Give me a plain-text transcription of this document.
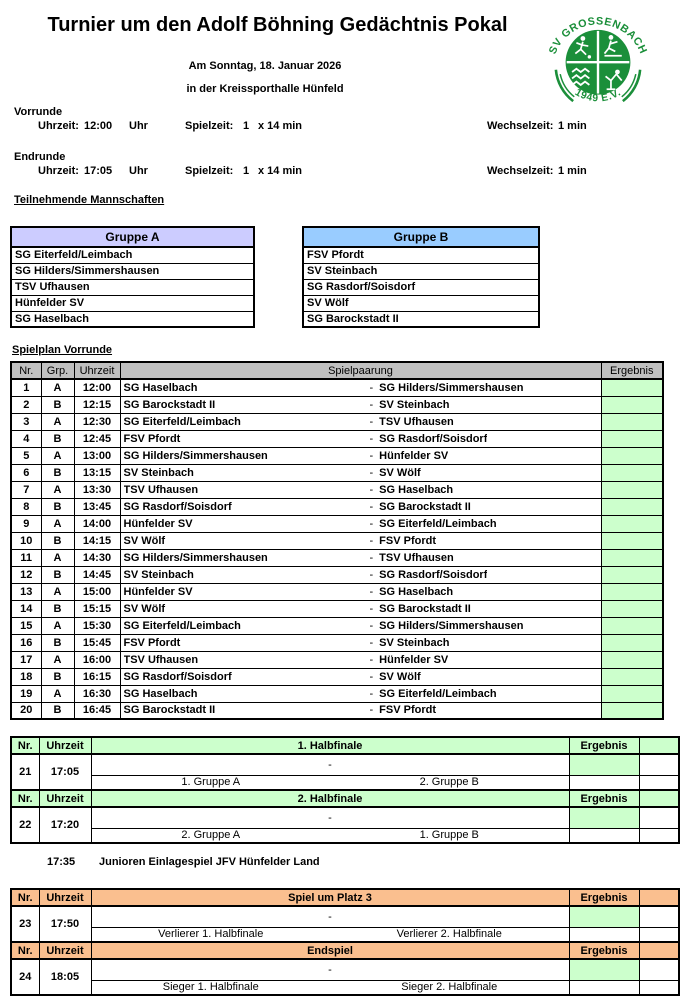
Turnier um den Adolf Böhning Gedächtnis Pokal
SV GROSSENBACH
1949 E.V.
Am Sonntag, 18. Januar 2026
in der Kreissporthalle Hünfeld
Vorrunde
Uhrzeit: 12:00 Uhr	Spielzeit: 1 x 14 min	Wechselzeit: 1 min
Endrunde
Uhrzeit: 17:05 Uhr	Spielzeit: 1 x 14 min	Wechselzeit: 1 min
Teilnehmende Mannschaften
Gruppe A
SG Eiterfeld/Leimbach
SG Hilders/Simmershausen
TSV Ufhausen
Hünfelder SV
SG Haselbach
Gruppe B
FSV Pfordt
SV Steinbach
SG Rasdorf/Soisdorf
SV Wölf
SG Barockstadt II
Spielplan Vorrunde
Nr.	Grp.	Uhrzeit	Spielpaarung	Ergebnis
1	A	12:00	SG Haselbach - SG Hilders/Simmershausen	

2	B	12:15	SG Barockstadt II - SV Steinbach	

3	A	12:30	SG Eiterfeld/Leimbach - TSV Ufhausen	

4	B	12:45	FSV Pfordt - SG Rasdorf/Soisdorf	

5	A	13:00	SG Hilders/Simmershausen - Hünfelder SV	

6	B	13:15	SV Steinbach - SV Wölf	

7	A	13:30	TSV Ufhausen - SG Haselbach	

8	B	13:45	SG Rasdorf/Soisdorf - SG Barockstadt II	

9	A	14:00	Hünfelder SV - SG Eiterfeld/Leimbach	

10	B	14:15	SV Wölf - FSV Pfordt	

11	A	14:30	SG Hilders/Simmershausen - TSV Ufhausen	

12	B	14:45	SV Steinbach - SG Rasdorf/Soisdorf	

13	A	15:00	Hünfelder SV - SG Haselbach	

14	B	15:15	SV Wölf - SG Barockstadt II	

15	A	15:30	SG Eiterfeld/Leimbach - SG Hilders/Simmershausen	

16	B	15:45	FSV Pfordt - SV Steinbach	

17	A	16:00	TSV Ufhausen - Hünfelder SV	

18	B	16:15	SG Rasdorf/Soisdorf - SV Wölf	

19	A	16:30	SG Haselbach - SG Eiterfeld/Leimbach	

20	B	16:45	SG Barockstadt II - FSV Pfordt	

Nr.	Uhrzeit	1. Halbfinale	Ergebnis	
21	17:05	-		

		1. Gruppe A 2. Gruppe B		

Nr.	Uhrzeit	2. Halbfinale	Ergebnis	
22	17:20	-		

		2. Gruppe A 1. Gruppe B		

17:35 Junioren Einlagespiel JFV Hünfelder Land
Nr.	Uhrzeit	Spiel um Platz 3	Ergebnis	
23	17:50	-		

		Verlierer 1. Halbfinale Verlierer 2. Halbfinale		

Nr.	Uhrzeit	Endspiel	Ergebnis	
24	18:05	-		

		Sieger 1. Halbfinale Sieger 2. Halbfinale		
